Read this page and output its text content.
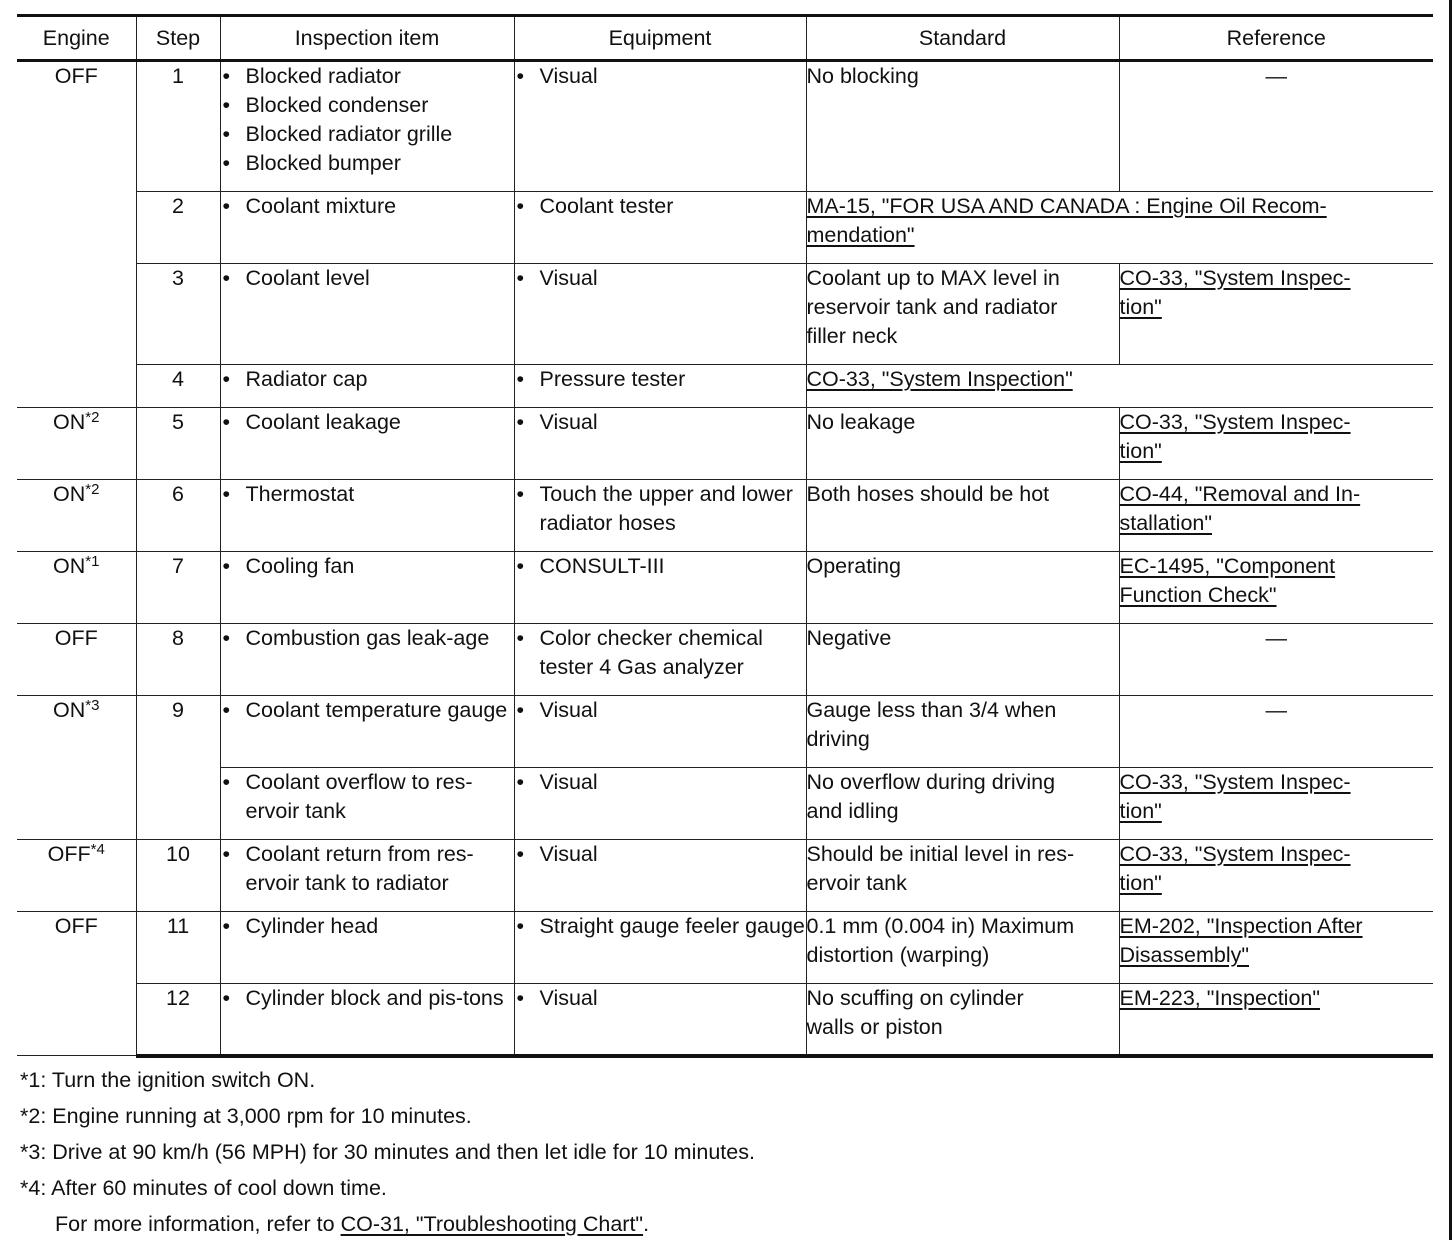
Engine	Step	Inspection item	Equipment	Standard	Reference
OFF	1	• Blocked radiator
• Blocked condenser
• Blocked radiator grille
• Blocked bumper	• Visual	No blocking	—
	2	• Coolant mixture	• Coolant tester	MA-15, "FOR USA AND CANADA : Engine Oil Recom-
mendation"	
	3	• Coolant level	• Visual	Coolant up to MAX level in
reservoir tank and radiator
filler neck	CO-33, "System Inspec-
tion"
	4	• Radiator cap	• Pressure tester	CO-33, "System Inspection"	
ON$^{*2}$	5	• Coolant leakage	• Visual	No leakage	CO-33, "System Inspec-
tion"
ON$^{*2}$	6	• Thermostat	• Touch the upper and lower radiator hoses	Both hoses should be hot	CO-44, "Removal and In-
stallation"
ON$^{*1}$	7	• Cooling fan	• CONSULT-III	Operating	EC-1495, "Component
Function Check"
OFF	8	• Combustion gas leak-age	• Color checker chemical tester 4 Gas analyzer	Negative	—
ON$^{*3}$	9	• Coolant temperature gauge	• Visual	Gauge less than 3/4 when
driving	—

		• Coolant overflow to res-ervoir tank	• Visual	No overflow during driving
and idling	CO-33, "System Inspec-
tion"
OFF$^{*4}$	10	• Coolant return from res-ervoir tank to radiator	• Visual	Should be initial level in res-
ervoir tank	CO-33, "System Inspec-
tion"
OFF	11	• Cylinder head	• Straight gauge feeler gauge	0.1 mm (0.004 in) Maximum
distortion (warping)	EM-202, "Inspection After
Disassembly"
	12	• Cylinder block and pis-tons	• Visual	No scuffing on cylinder
walls or piston	EM-223, "Inspection"
*1: Turn the ignition switch ON.
*2: Engine running at 3,000 rpm for 10 minutes.
*3: Drive at 90 km/h (56 MPH) for 30 minutes and then let idle for 10 minutes.
*4: After 60 minutes of cool down time.
For more information, refer to CO-31, "Troubleshooting Chart".
